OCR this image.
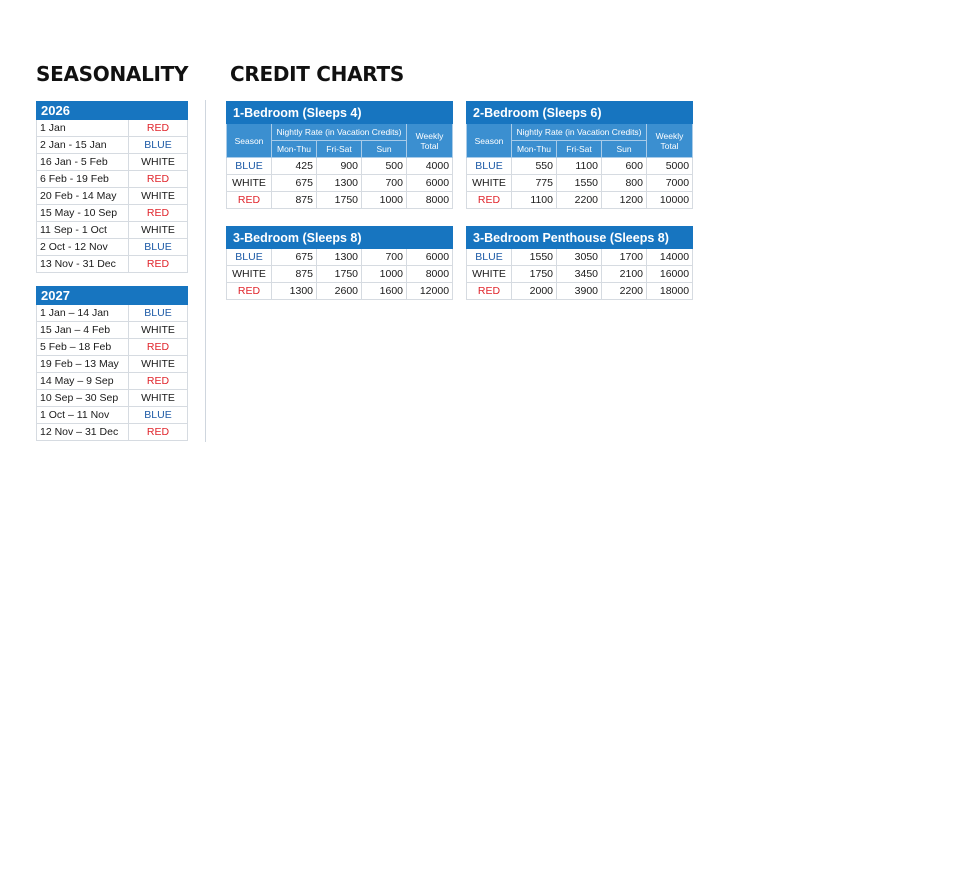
SEASONALITY CREDIT CHARTS
2026	
1 Jan	RED
2 Jan - 15 Jan	BLUE
16 Jan - 5 Feb	WHITE
6 Feb - 19 Feb	RED
20 Feb - 14 May	WHITE
15 May - 10 Sep	RED
11 Sep - 1 Oct	WHITE
2 Oct - 12 Nov	BLUE
13 Nov - 31 Dec	RED
2027	
1 Jan – 14 Jan	BLUE
15 Jan – 4 Feb	WHITE
5 Feb – 18 Feb	RED
19 Feb – 13 May	WHITE
14 May – 9 Sep	RED
10 Sep – 30 Sep	WHITE
1 Oct – 11 Nov	BLUE
12 Nov – 31 Dec	RED
1-Bedroom (Sleeps 4)				
Season	Nightly Rate (in Vacation Credits)			Weekly Total
	Mon-Thu	Fri-Sat	Sun	
BLUE	425	900	500	4000
WHITE	675	1300	700	6000
RED	875	1750	1000	8000
2-Bedroom (Sleeps 6)				
Season	Nightly Rate (in Vacation Credits)			Weekly Total
	Mon-Thu	Fri-Sat	Sun	
BLUE	550	1100	600	5000
WHITE	775	1550	800	7000
RED	1100	2200	1200	10000
3-Bedroom (Sleeps 8)				
BLUE	675	1300	700	6000
WHITE	875	1750	1000	8000
RED	1300	2600	1600	12000
3-Bedroom Penthouse (Sleeps 8)				
BLUE	1550	3050	1700	14000
WHITE	1750	3450	2100	16000
RED	2000	3900	2200	18000
